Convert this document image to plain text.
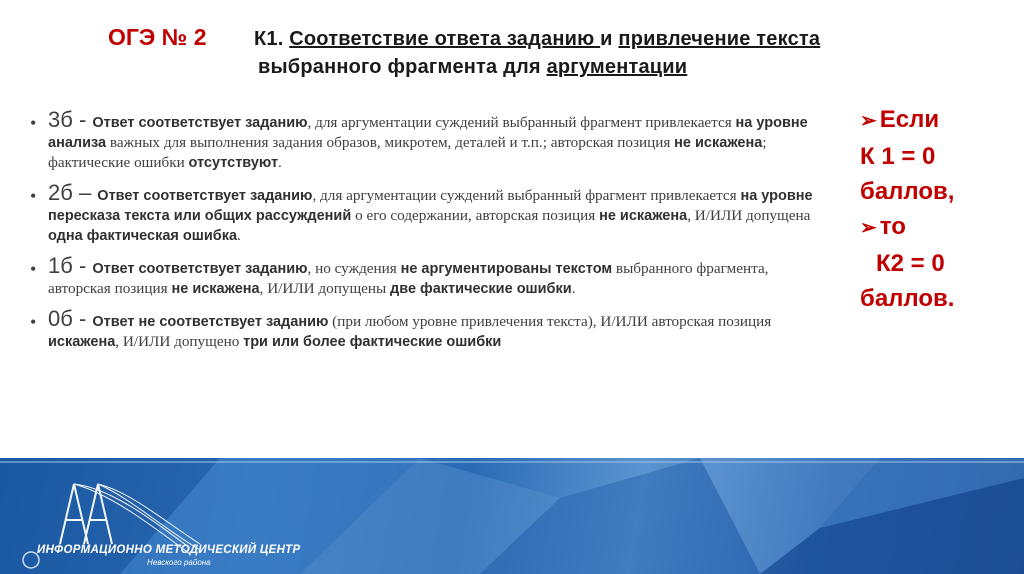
ОГЭ № 2 К1. Соответствие ответа заданию и привлечение текста
выбранного фрагмента для аргументации
• 3б - Ответ соответствует заданию, для аргументации суждений выбранный фрагмент привлекается на уровне анализа важных для выполнения задания образов, микротем, деталей и т.п.; авторская позиция не искажена; фактические ошибки отсутствуют.
• 2б – Ответ соответствует заданию, для аргументации суждений выбранный фрагмент привлекается на уровне пересказа текста или общих рассуждений о его содержании, авторская позиция не искажена, И/ИЛИ допущена одна фактическая ошибка.
• 1б - Ответ соответствует заданию, но суждения не аргументированы текстом выбранного фрагмента, авторская позиция не искажена, И/ИЛИ допущены две фактические ошибки.
• 0б - Ответ не соответствует заданию (при любом уровне привлечения текста), И/ИЛИ авторская позиция искажена, И/ИЛИ допущено три или более фактические ошибки
➢ Если
К 1 = 0
баллов,
➢ то
К2 = 0
баллов.
ИНФОРМАЦИОННО МЕТОДИЧЕСКИЙ ЦЕНТР
Невского района
